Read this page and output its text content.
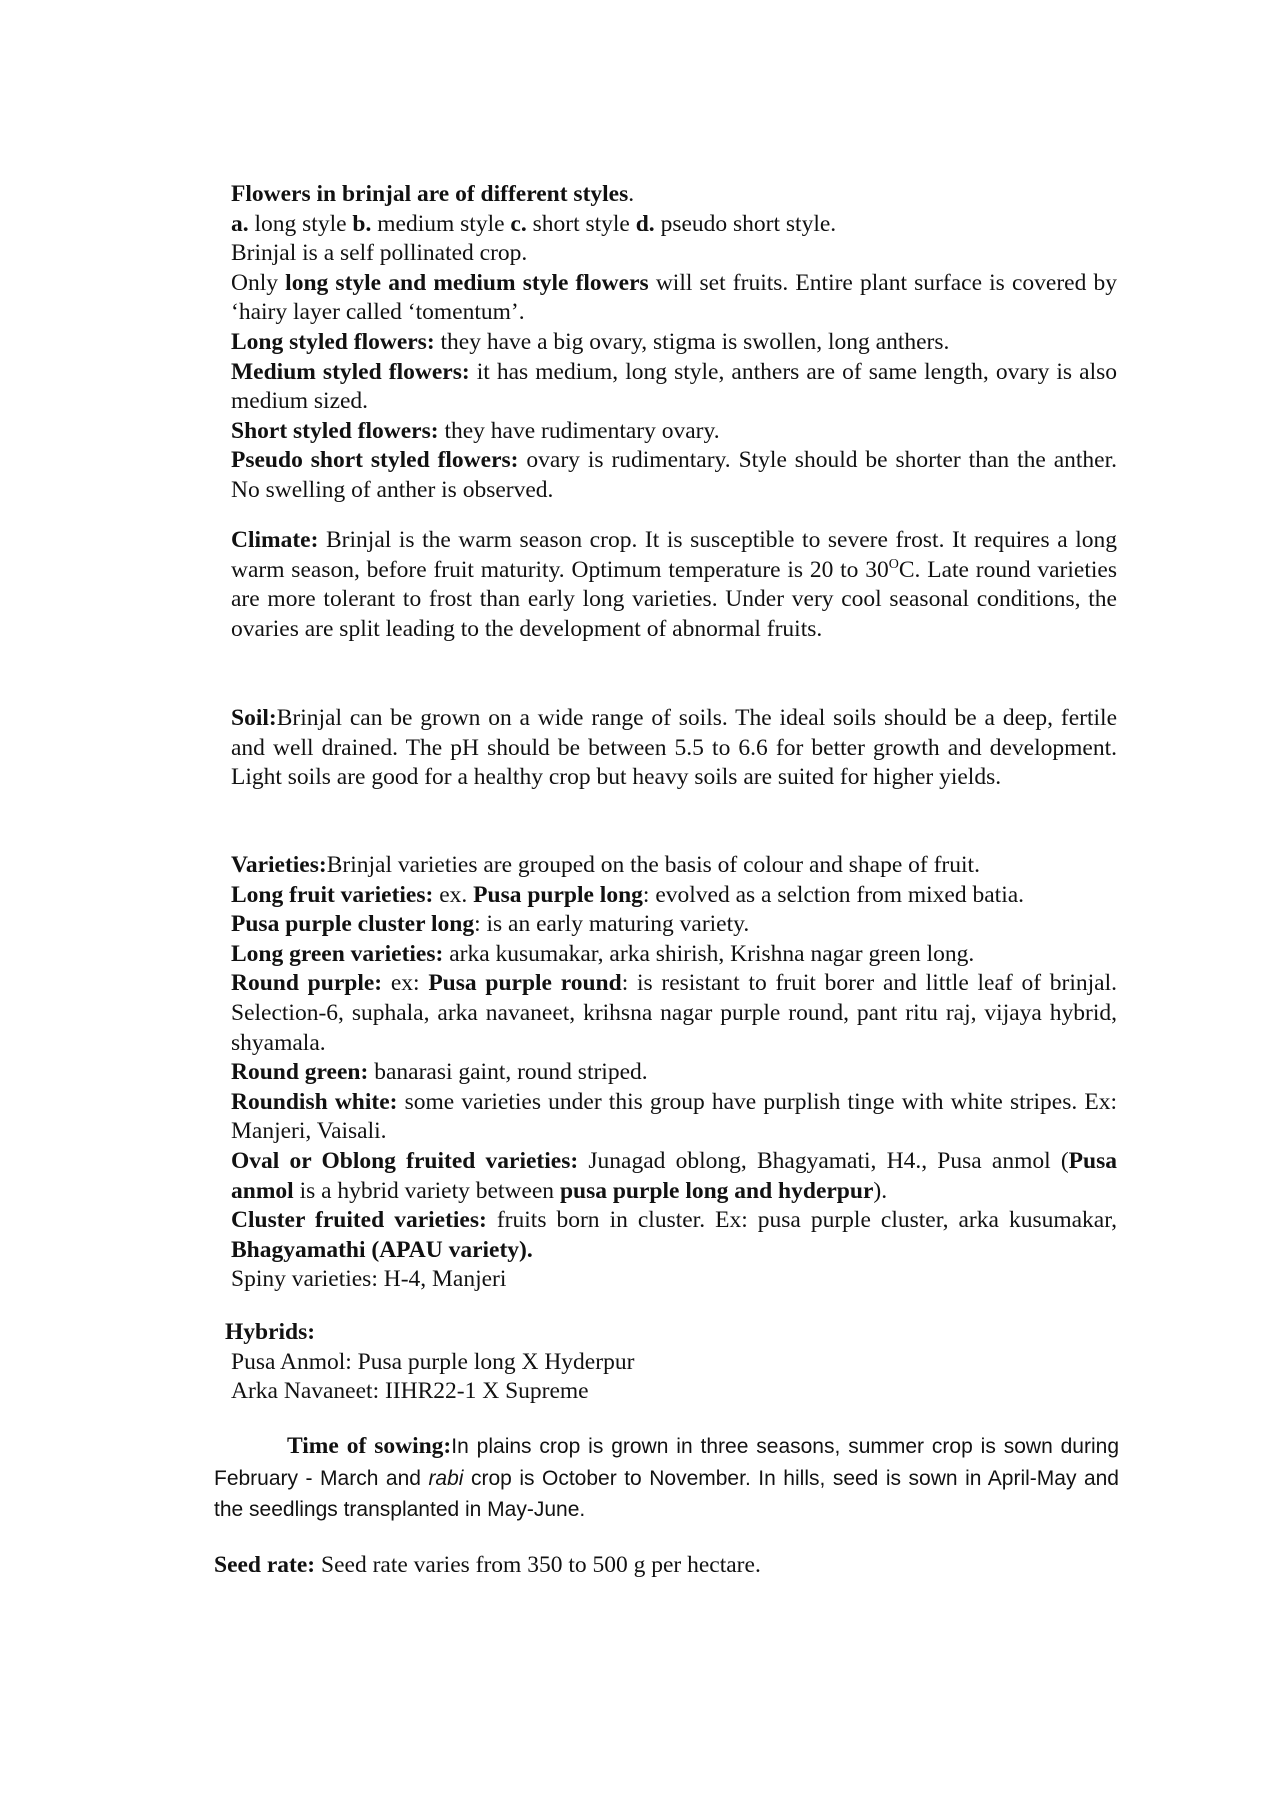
Flowers in brinjal are of different styles.

a. long style b. medium style c. short style d. pseudo short style.

Brinjal is a self pollinated crop.

Only long style and medium style flowers will set fruits. Entire plant surface is covered by ‘hairy layer called ‘tomentum’.

Long styled flowers: they have a big ovary, stigma is swollen, long anthers.

Medium styled flowers: it has medium, long style, anthers are of same length, ovary is also medium sized.

Short styled flowers: they have rudimentary ovary.

Pseudo short styled flowers: ovary is rudimentary. Style should be shorter than the anther. No swelling of anther is observed.

Climate: Brinjal is the warm season crop. It is susceptible to severe frost. It requires a long warm season, before fruit maturity. Optimum temperature is 20 to $30^OC$. Late round varieties are more tolerant to frost than early long varieties. Under very cool seasonal conditions, the ovaries are split leading to the development of abnormal fruits.

Soil:Brinjal can be grown on a wide range of soils. The ideal soils should be a deep, fertile and well drained. The pH should be between 5.5 to 6.6 for better growth and development. Light soils are good for a healthy crop but heavy soils are suited for higher yields.

Varieties:Brinjal varieties are grouped on the basis of colour and shape of fruit.

Long fruit varieties: ex. Pusa purple long: evolved as a selction from mixed batia.

Pusa purple cluster long: is an early maturing variety.

Long green varieties: arka kusumakar, arka shirish, Krishna nagar green long.

Round purple: ex: Pusa purple round: is resistant to fruit borer and little leaf of brinjal. Selection-6, suphala, arka navaneet, krihsna nagar purple round, pant ritu raj, vijaya hybrid, shyamala.

Round green: banarasi gaint, round striped.

Roundish white: some varieties under this group have purplish tinge with white stripes. Ex: Manjeri, Vaisali.

Oval or Oblong fruited varieties: Junagad oblong, Bhagyamati, H4., Pusa anmol (Pusa anmol is a hybrid variety between pusa purple long and hyderpur).

Cluster fruited varieties: fruits born in cluster. Ex: pusa purple cluster, arka kusumakar, Bhagyamathi (APAU variety).

Spiny varieties: H-4, Manjeri

Hybrids:

Pusa Anmol: Pusa purple long X Hyderpur

Arka Navaneet: IIHR22-1 X Supreme

Time of sowing:In plains crop is grown in three seasons, summer crop is sown during February - March and rabi crop is October to November. In hills, seed is sown in April-May and the seedlings transplanted in May-June.

Seed rate: Seed rate varies from 350 to 500 g per hectare.
